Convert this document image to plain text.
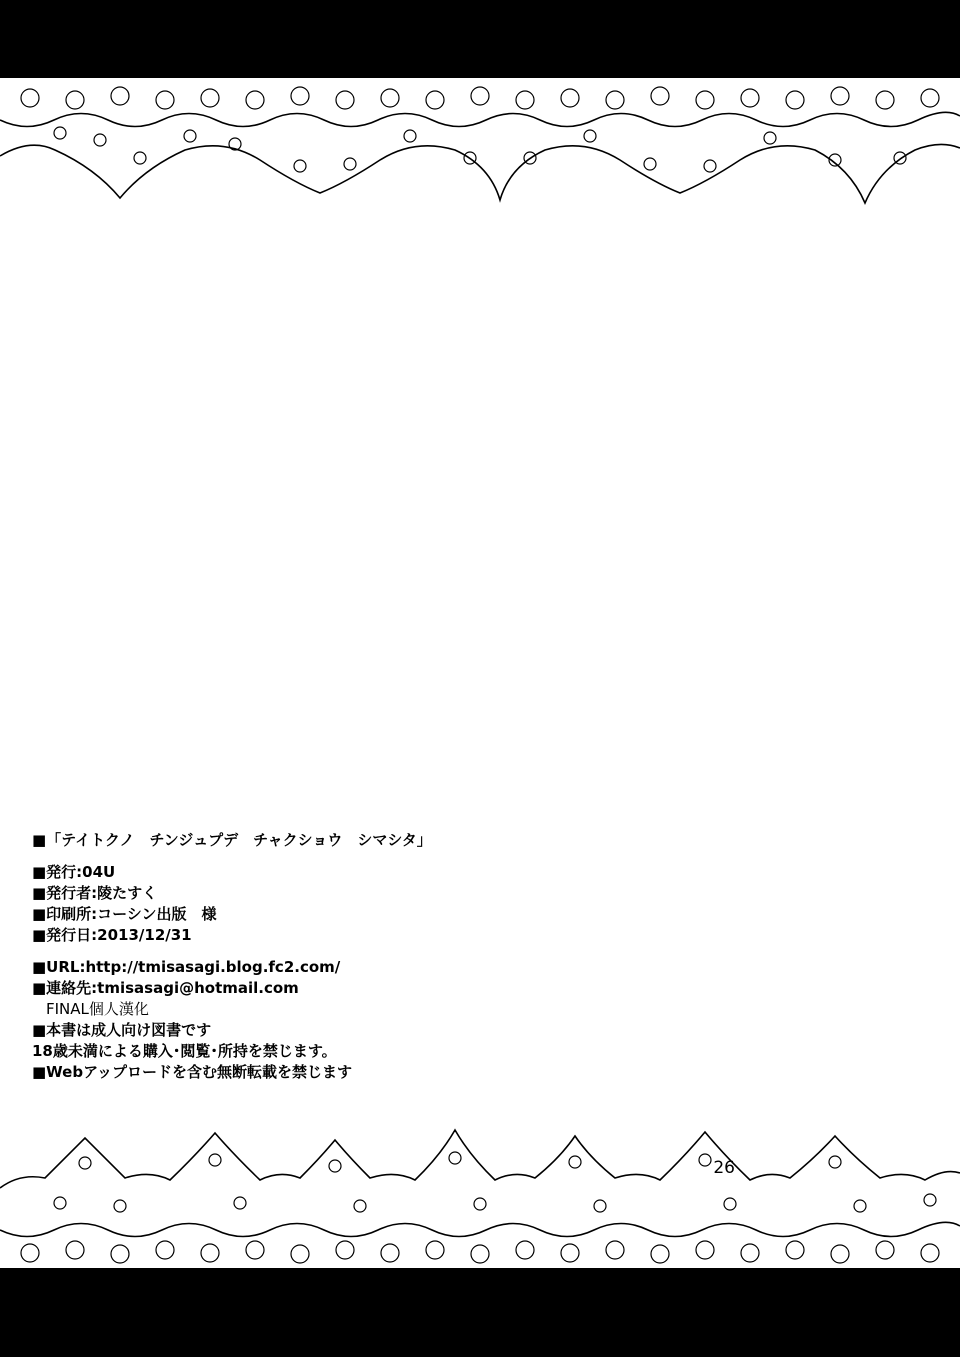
■「テイトクノ　チンジュプデ　チャクショウ　シマシタ」
■発行:04U
■発行者:陵たすく
■印刷所:コーシン出版　様
■発行日:2013/12/31
■URL:http://tmisasagi.blog.fc2.com/
■連絡先:tmisasagi@hotmail.com
FINAL個人漢化
■本書は成人向け図書です
18歳未満による購入･閲覧･所持を禁じます。
■Webアップロードを含む無断転載を禁じます
26
